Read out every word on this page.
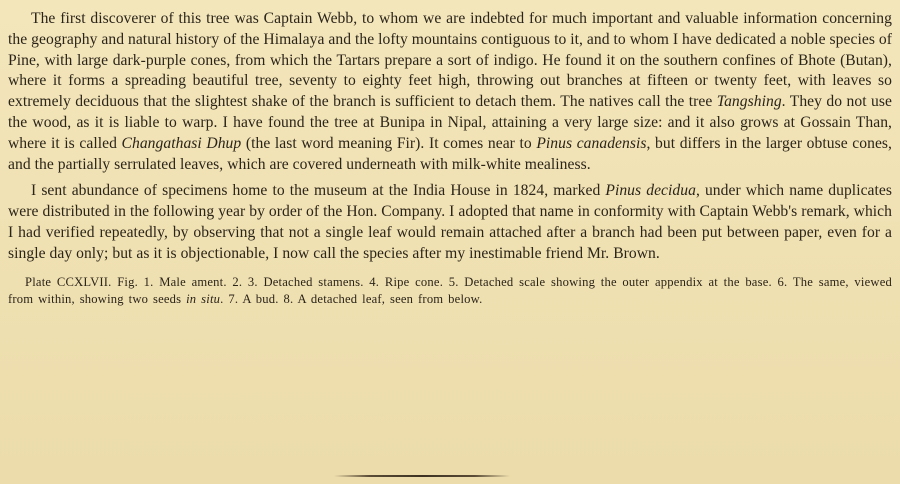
The first discoverer of this tree was Captain Webb, to whom we are indebted for much important and valuable information concerning the geography and natural history of the Himalaya and the lofty mountains contiguous to it, and to whom I have dedicated a noble species of Pine, with large dark-purple cones, from which the Tartars prepare a sort of indigo. He found it on the southern confines of Bhote (Butan), where it forms a spreading beautiful tree, seventy to eighty feet high, throwing out branches at fifteen or twenty feet, with leaves so extremely deciduous that the slightest shake of the branch is sufficient to detach them. The natives call the tree Tangshing. They do not use the wood, as it is liable to warp. I have found the tree at Bunipa in Nipal, attaining a very large size: and it also grows at Gossain Than, where it is called Changathasi Dhup (the last word meaning Fir). It comes near to Pinus canadensis, but differs in the larger obtuse cones, and the partially serrulated leaves, which are covered underneath with milk-white mealiness.

I sent abundance of specimens home to the museum at the India House in 1824, marked Pinus decidua, under which name duplicates were distributed in the following year by order of the Hon. Company. I adopted that name in conformity with Captain Webb's remark, which I had verified repeatedly, by observing that not a single leaf would remain attached after a branch had been put between paper, even for a single day only; but as it is objectionable, I now call the species after my inestimable friend Mr. Brown.

Plate CCXLVII. Fig. 1. Male ament. 2. 3. Detached stamens. 4. Ripe cone. 5. Detached scale showing the outer appendix at the base. 6. The same, viewed from within, showing two seeds in situ. 7. A bud. 8. A detached leaf, seen from below.
